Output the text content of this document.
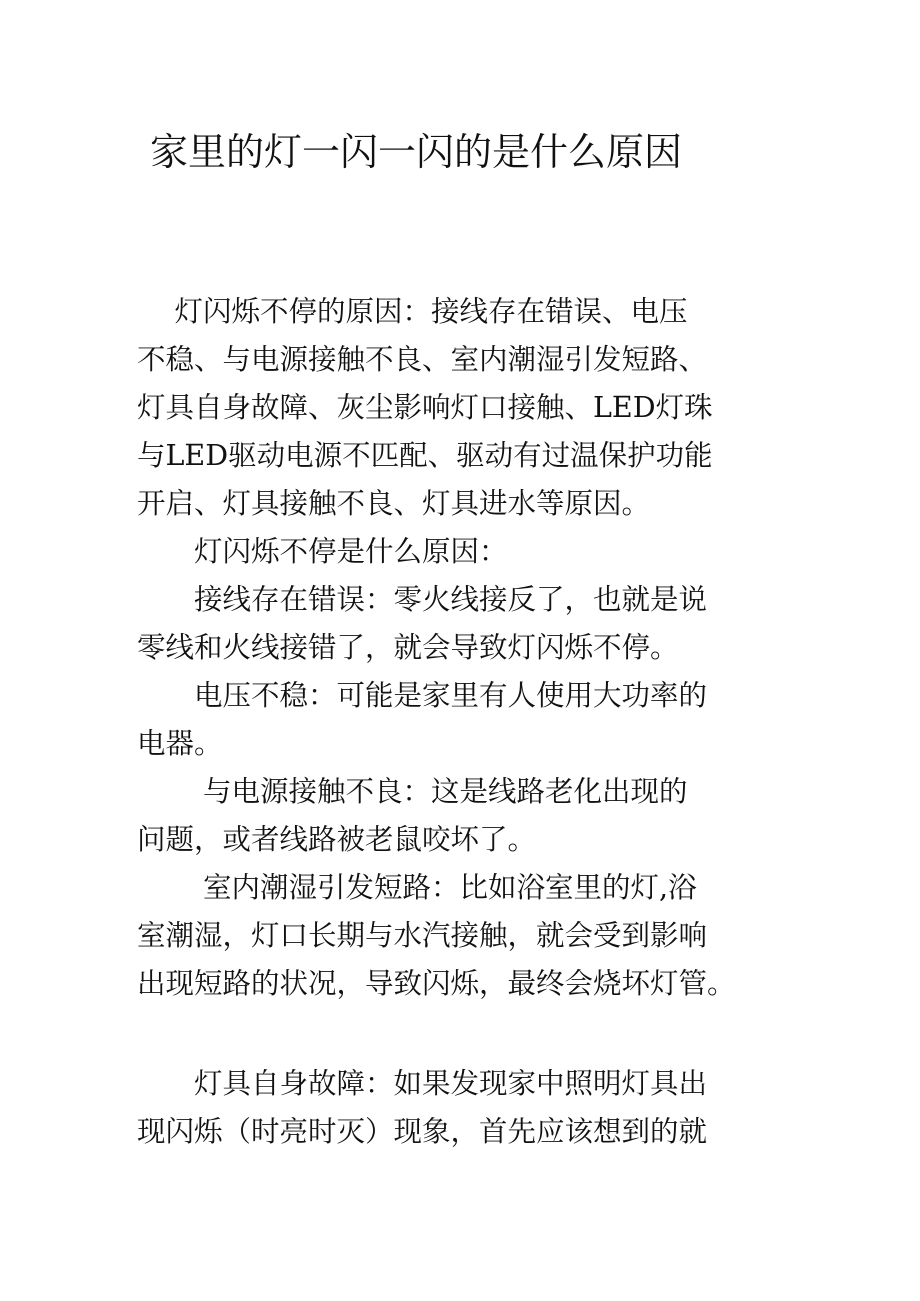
家里的灯一闪一闪的是什么原因

　 灯闪烁不停的原因：接线存在错误、电压

不稳、与电源接触不良、室内潮湿引发短路、

灯具自身故障、灰尘影响灯口接触、LED灯珠

与LED驱动电源不匹配、驱动有过温保护功能

开启、灯具接触不良、灯具进水等原因。

　　灯闪烁不停是什么原因：

　　接线存在错误：零火线接反了，也就是说

零线和火线接错了，就会导致灯闪烁不停。

　　电压不稳：可能是家里有人使用大功率的

电器。

　　 与电源接触不良：这是线路老化出现的

问题，或者线路被老鼠咬坏了。

　　 室内潮湿引发短路：比如浴室里的灯,浴

室潮湿，灯口长期与水汽接触，就会受到影响

出现短路的状况，导致闪烁，最终会烧坏灯管。

　　灯具自身故障：如果发现家中照明灯具出

现闪烁（时亮时灭）现象，首先应该想到的就
